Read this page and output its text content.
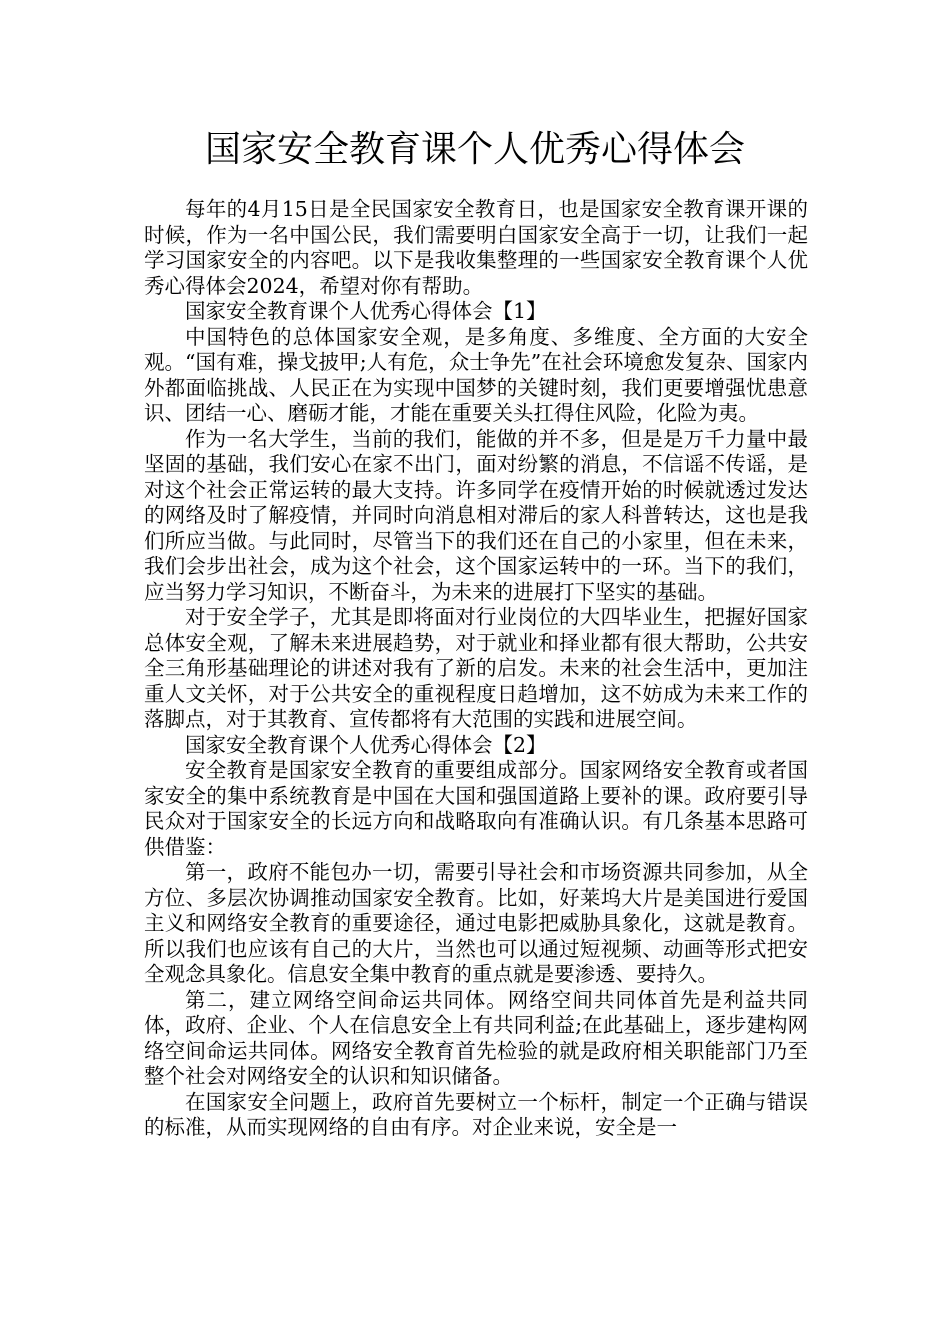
国家安全教育课个人优秀心得体会

每年的4月15日是全民国家安全教育日，也是国家安全教育课开课的时候，作为一名中国公民，我们需要明白国家安全高于一切，让我们一起学习国家安全的内容吧。以下是我收集整理的一些国家安全教育课个人优秀心得体会2024，希望对你有帮助。

国家安全教育课个人优秀心得体会【1】

中国特色的总体国家安全观，是多角度、多维度、全方面的大安全观。“国有难，操戈披甲;人有危，众士争先”在社会环境愈发复杂、国家内外都面临挑战、人民正在为实现中国梦的关键时刻，我们更要增强忧患意识、团结一心、磨砺才能，才能在重要关头扛得住风险，化险为夷。

作为一名大学生，当前的我们，能做的并不多，但是是万千力量中最坚固的基础，我们安心在家不出门，面对纷繁的消息，不信谣不传谣，是对这个社会正常运转的最大支持。许多同学在疫情开始的时候就透过发达的网络及时了解疫情，并同时向消息相对滞后的家人科普转达，这也是我们所应当做。与此同时，尽管当下的我们还在自己的小家里，但在未来，我们会步出社会，成为这个社会，这个国家运转中的一环。当下的我们，应当努力学习知识，不断奋斗，为未来的进展打下坚实的基础。

对于安全学子，尤其是即将面对行业岗位的大四毕业生，把握好国家总体安全观，了解未来进展趋势，对于就业和择业都有很大帮助，公共安全三角形基础理论的讲述对我有了新的启发。未来的社会生活中，更加注重人文关怀，对于公共安全的重视程度日趋增加，这不妨成为未来工作的落脚点，对于其教育、宣传都将有大范围的实践和进展空间。

国家安全教育课个人优秀心得体会【2】

安全教育是国家安全教育的重要组成部分。国家网络安全教育或者国家安全的集中系统教育是中国在大国和强国道路上要补的课。政府要引导民众对于国家安全的长远方向和战略取向有准确认识。有几条基本思路可供借鉴：

第一，政府不能包办一切，需要引导社会和市场资源共同参加，从全方位、多层次协调推动国家安全教育。比如，好莱坞大片是美国进行爱国主义和网络安全教育的重要途径，通过电影把威胁具象化，这就是教育。所以我们也应该有自己的大片，当然也可以通过短视频、动画等形式把安全观念具象化。信息安全集中教育的重点就是要渗透、要持久。

第二，建立网络空间命运共同体。网络空间共同体首先是利益共同体，政府、企业、个人在信息安全上有共同利益;在此基础上，逐步建构网络空间命运共同体。网络安全教育首先检验的就是政府相关职能部门乃至整个社会对网络安全的认识和知识储备。

在国家安全问题上，政府首先要树立一个标杆，制定一个正确与错误的标准，从而实现网络的自由有序。对企业来说，安全是一
